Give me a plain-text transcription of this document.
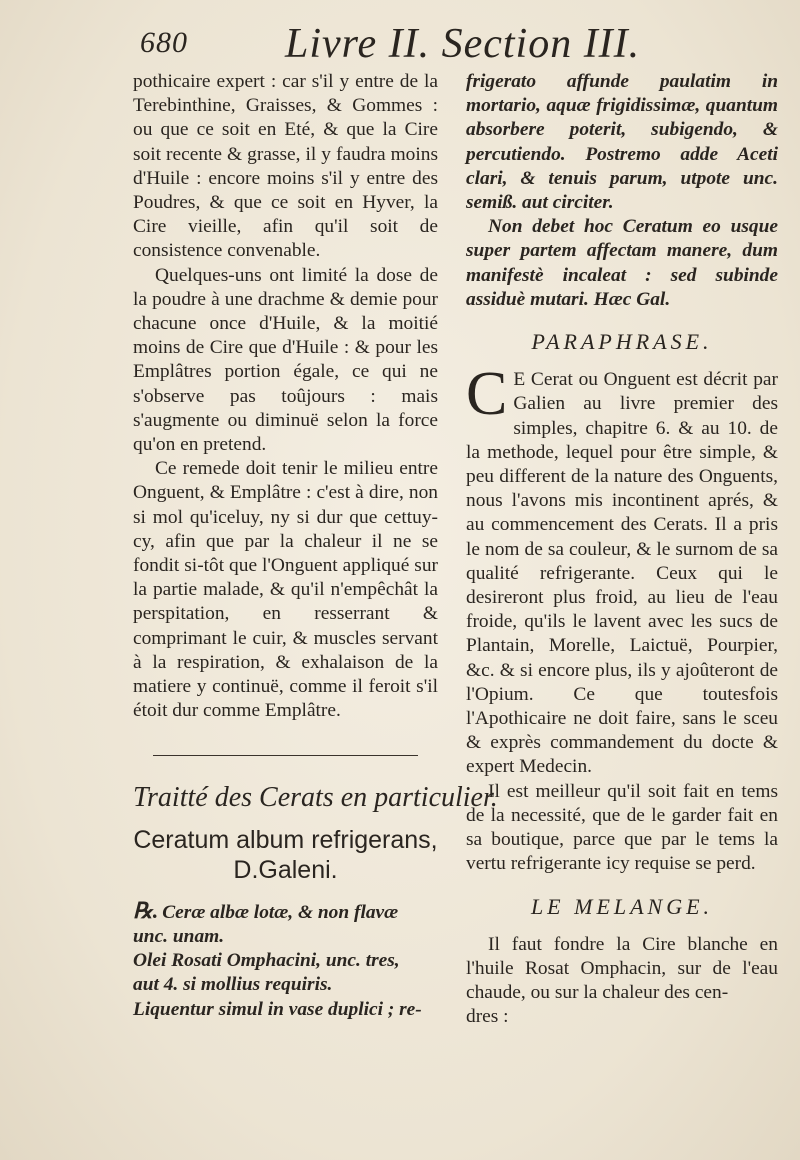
680 Livre II. Section III.

pothicaire expert : car s'il y entre de la Terebinthine, Graisses, & Gommes : ou que ce soit en Eté, & que la Cire soit recente & grasse, il y faudra moins d'Huile : encore moins s'il y entre des Poudres, & que ce soit en Hyver, la Cire vieille, afin qu'il soit de consistence convenable.

Quelques-uns ont limité la dose de la poudre à une drachme & demie pour chacune once d'Huile, & la moitié moins de Cire que d'Huile : & pour les Emplâtres portion égale, ce qui ne s'observe pas toûjours : mais s'augmente ou diminuë selon la force qu'on en pretend.

Ce remede doit tenir le milieu entre Onguent, & Emplâtre : c'est à dire, non si mol qu'iceluy, ny si dur que cettuy-cy, afin que par la chaleur il ne se fondit si-tôt que l'Onguent appliqué sur la partie malade, & qu'il n'empêchât la perspitation, en resserrant & comprimant le cuir, & muscles servant à la respiration, & exhalaison de la matiere y continuë, comme il feroit s'il étoit dur comme Emplâtre.

Traitté des Cerats en particulier.
Ceratum album refrigerans,
D.Galeni.
℞. Ceræ albæ lotæ, & non flavæ
unc. unam.
Olei Rosati Omphacini, unc. tres,
aut 4. si mollius requiris.
Liquentur simul in vase duplici ; re-

frigerato affunde paulatim in mortario, aquæ frigidissimæ, quantum absorbere poterit, subigendo, & percutiendo. Postremo adde Aceti clari, & tenuis parum, utpote unc. semiß. aut circiter.

Non debet hoc Ceratum eo usque super partem affectam manere, dum manifestè incaleat : sed subinde assiduè mutari. Hæc Gal.

PARAPHRASE.

C E Cerat ou Onguent est décrit par Galien au livre premier des simples, chapitre 6. & au 10. de la methode, lequel pour être simple, & peu different de la nature des Onguents, nous l'avons mis incontinent aprés, & au commencement des Cerats. Il a pris le nom de sa couleur, & le surnom de sa qualité refrigerante. Ceux qui le desireront plus froid, au lieu de l'eau froide, qu'ils le lavent avec les sucs de Plantain, Morelle, Laictuë, Pourpier, &c. & si encore plus, ils y ajoûteront de l'Opium. Ce que toutesfois l'Apothicaire ne doit faire, sans le sceu & exprès commandement du docte & expert Medecin.

Il est meilleur qu'il soit fait en tems de la necessité, que de le garder fait en sa boutique, parce que par le tems la vertu refrigerante icy requise se perd.

LE MELANGE.

Il faut fondre la Cire blanche en l'huile Rosat Omphacin, sur de l'eau chaude, ou sur la chaleur des cen-

dres :
